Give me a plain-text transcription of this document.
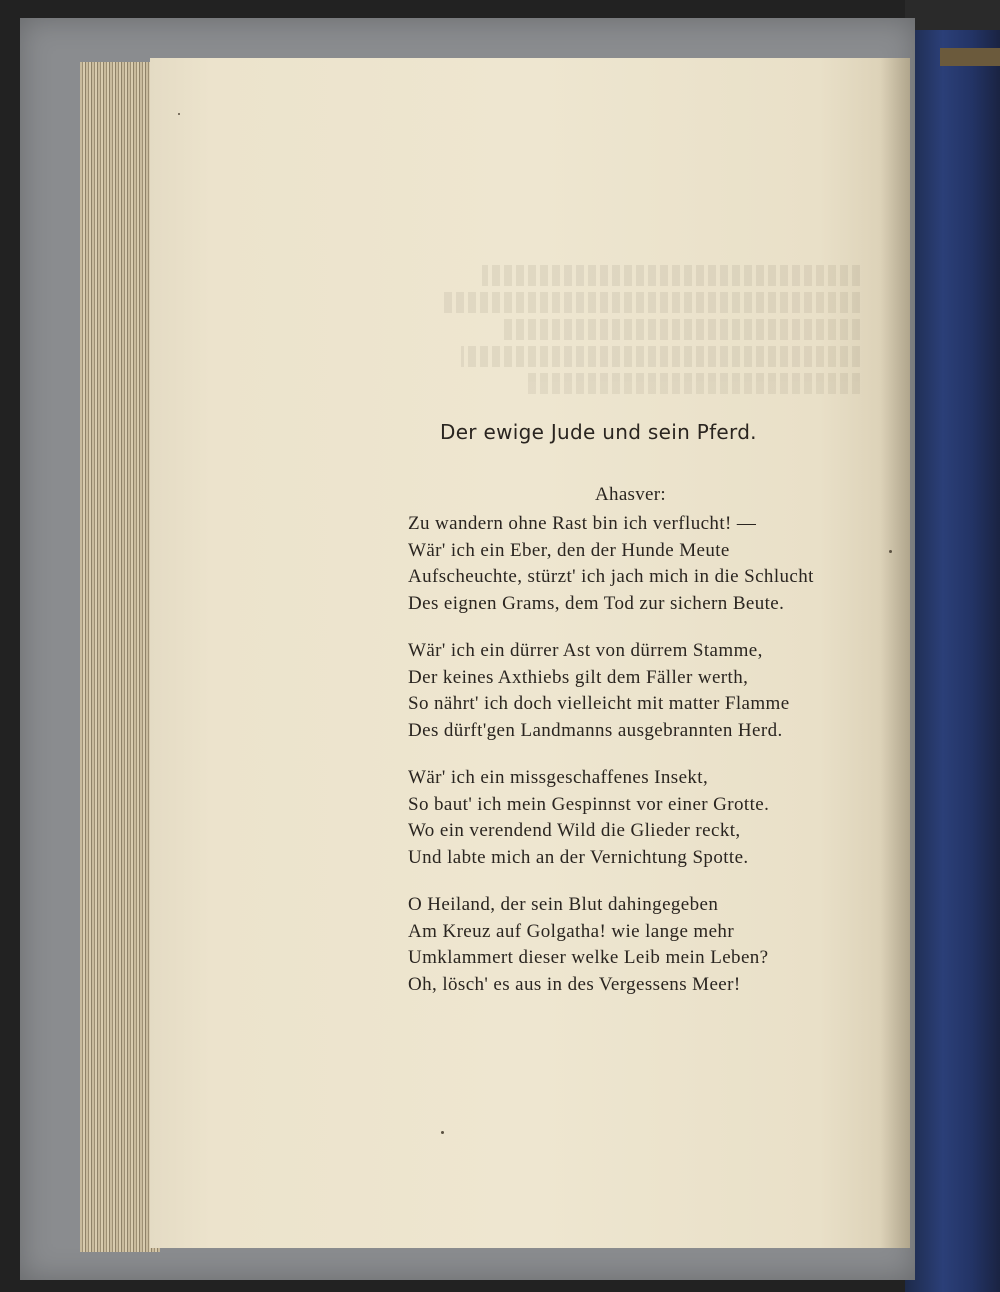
Der ewige Jude und sein Pferd.
Ahasver:
Zu wandern ohne Rast bin ich verflucht! —
Wär' ich ein Eber, den der Hunde Meute
Aufscheuchte, stürzt' ich jach mich in die Schlucht
Des eignen Grams, dem Tod zur sichern Beute.
Wär' ich ein dürrer Ast von dürrem Stamme,
Der keines Axthiebs gilt dem Fäller werth,
So nährt' ich doch vielleicht mit matter Flamme
Des dürft'gen Landmanns ausgebrannten Herd.
Wär' ich ein missgeschaffenes Insekt,
So baut' ich mein Gespinnst vor einer Grotte.
Wo ein verendend Wild die Glieder reckt,
Und labte mich an der Vernichtung Spotte.
O Heiland, der sein Blut dahingegeben
Am Kreuz auf Golgatha! wie lange mehr
Umklammert dieser welke Leib mein Leben?
Oh, lösch' es aus in des Vergessens Meer!
